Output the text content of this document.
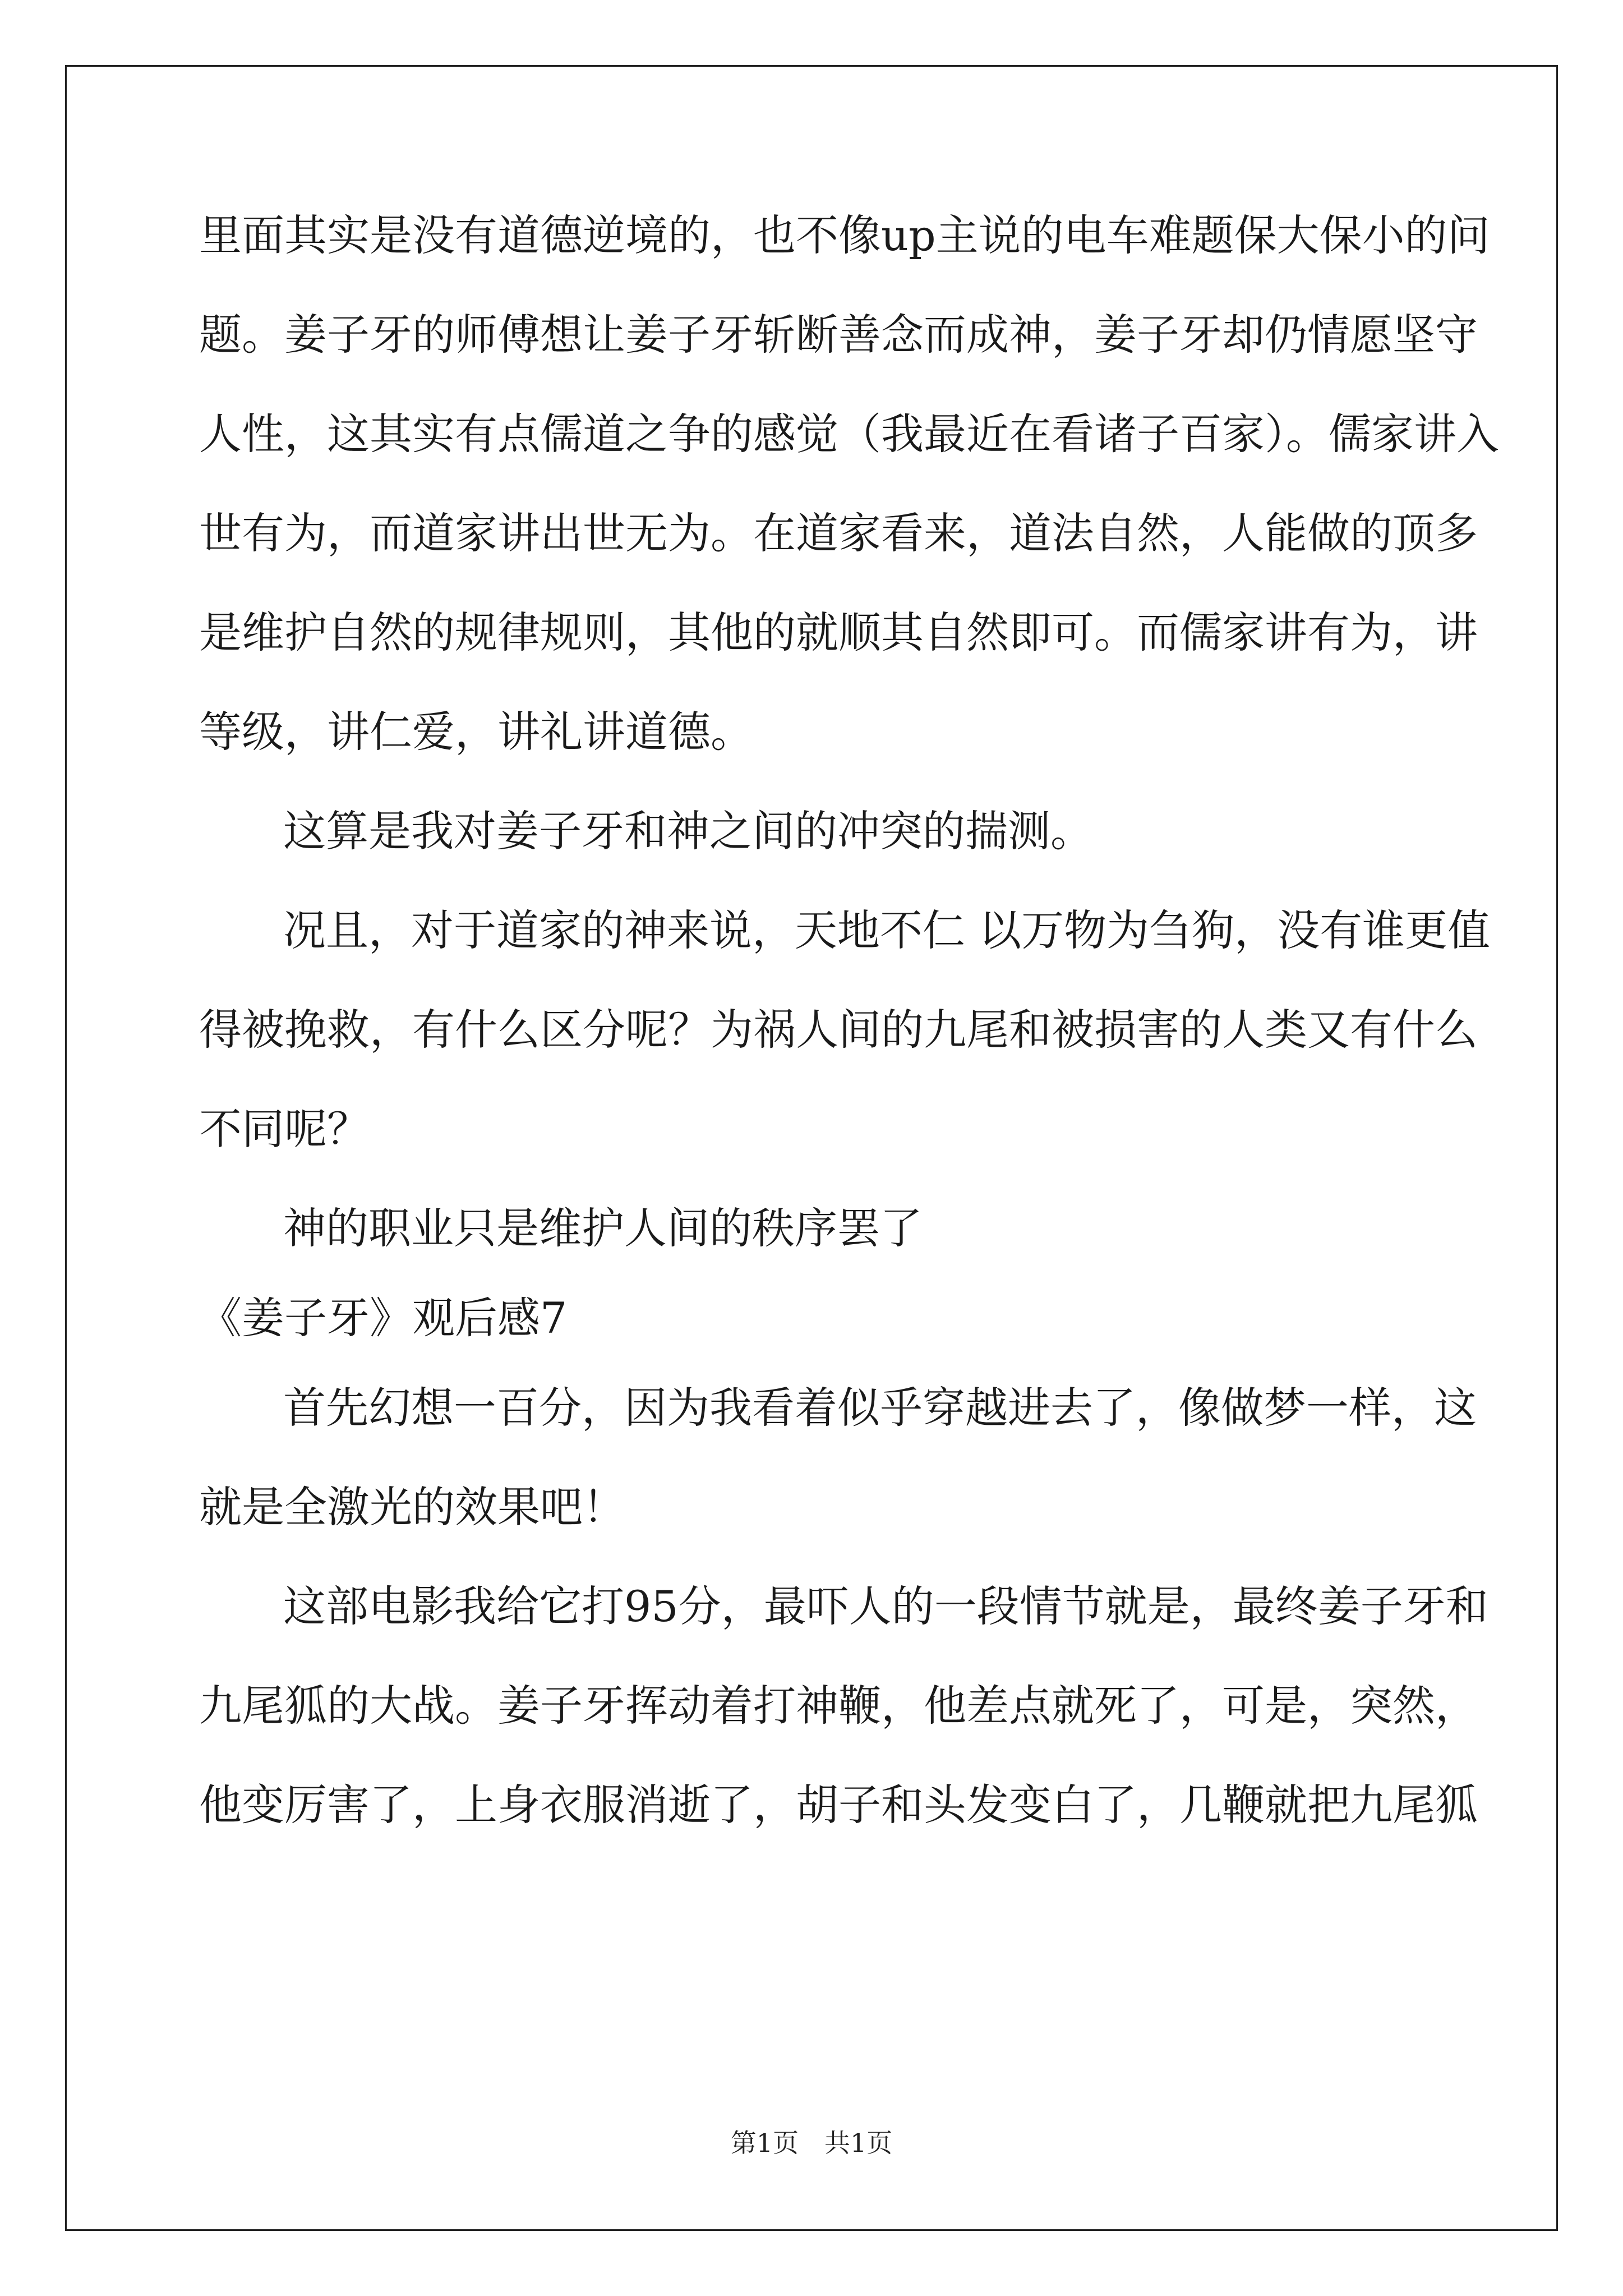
里面其实是没有道德逆境的，也不像up主说的电车难题保大保小的问
题。姜子牙的师傅想让姜子牙斩断善念而成神，姜子牙却仍情愿坚守
人性，这其实有点儒道之争的感觉（我最近在看诸子百家）。儒家讲入
世有为，而道家讲出世无为。在道家看来，道法自然，人能做的顶多
是维护自然的规律规则，其他的就顺其自然即可。而儒家讲有为，讲
等级，讲仁爱，讲礼讲道德。
这算是我对姜子牙和神之间的冲突的揣测。
况且，对于道家的神来说，天地不仁 以万物为刍狗，没有谁更值
得被挽救，有什么区分呢？为祸人间的九尾和被损害的人类又有什么
不同呢？
神的职业只是维护人间的秩序罢了
《姜子牙》观后感7
首先幻想一百分，因为我看着似乎穿越进去了，像做梦一样，这
就是全激光的效果吧！
这部电影我给它打95分，最吓人的一段情节就是，最终姜子牙和
九尾狐的大战。姜子牙挥动着打神鞭，他差点就死了，可是，突然，
他变厉害了，上身衣服消逝了，胡子和头发变白了，几鞭就把九尾狐
第1页　共1页
